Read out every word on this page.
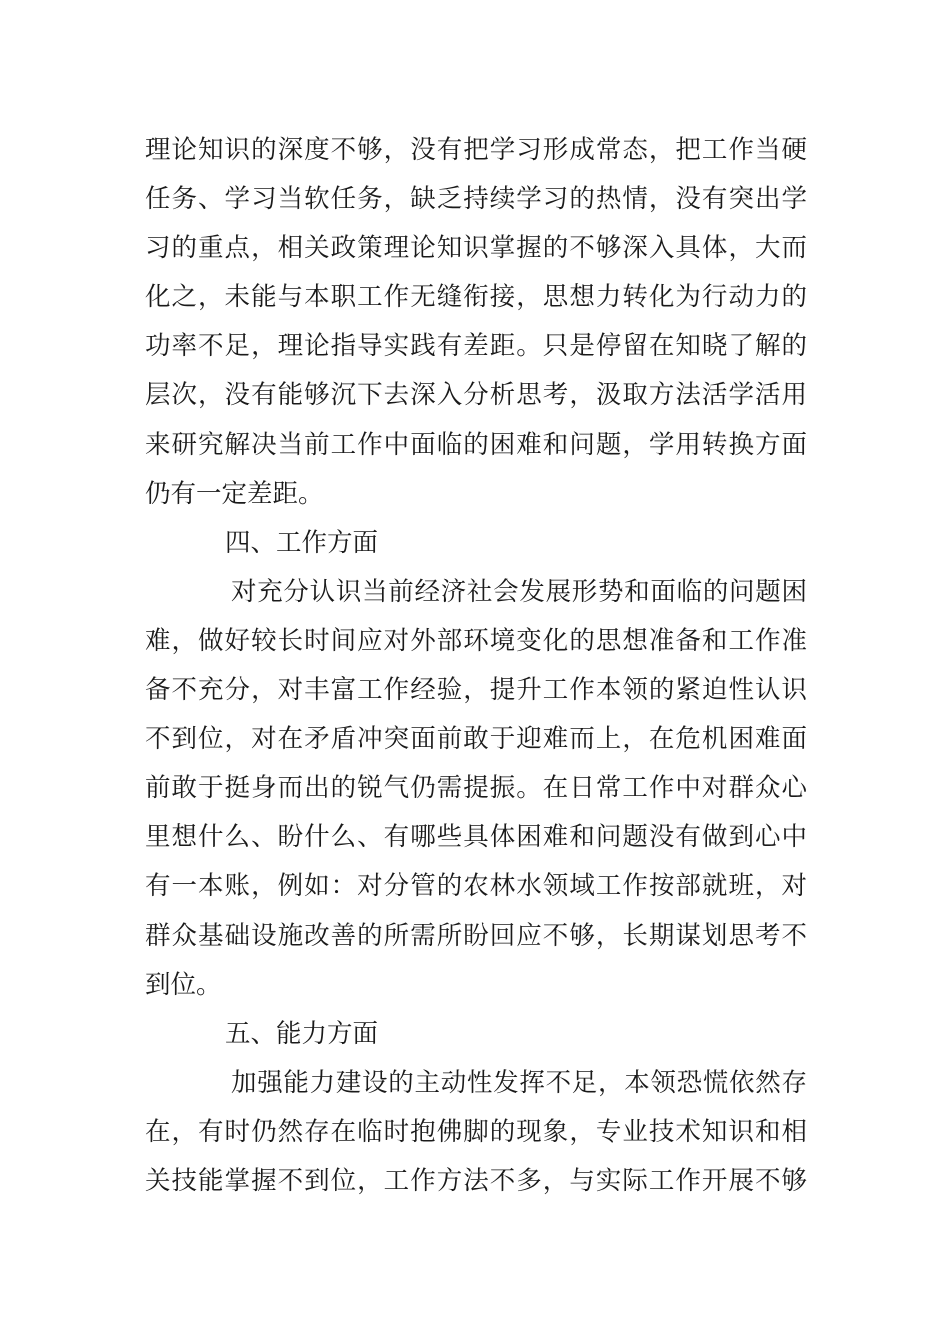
理论知识的深度不够，没有把学习形成常态，把工作当硬
任务、学习当软任务，缺乏持续学习的热情，没有突出学
习的重点，相关政策理论知识掌握的不够深入具体，大而
化之，未能与本职工作无缝衔接，思想力转化为行动力的
功率不足，理论指导实践有差距。只是停留在知晓了解的
层次，没有能够沉下去深入分析思考，汲取方法活学活用
来研究解决当前工作中面临的困难和问题，学用转换方面
仍有一定差距。
四、工作方面
对充分认识当前经济社会发展形势和面临的问题困
难，做好较长时间应对外部环境变化的思想准备和工作准
备不充分，对丰富工作经验，提升工作本领的紧迫性认识
不到位，对在矛盾冲突面前敢于迎难而上，在危机困难面
前敢于挺身而出的锐气仍需提振。在日常工作中对群众心
里想什么、盼什么、有哪些具体困难和问题没有做到心中
有一本账，例如：对分管的农林水领域工作按部就班，对
群众基础设施改善的所需所盼回应不够，长期谋划思考不
到位。
五、能力方面
加强能力建设的主动性发挥不足，本领恐慌依然存
在，有时仍然存在临时抱佛脚的现象，专业技术知识和相
关技能掌握不到位，工作方法不多，与实际工作开展不够
